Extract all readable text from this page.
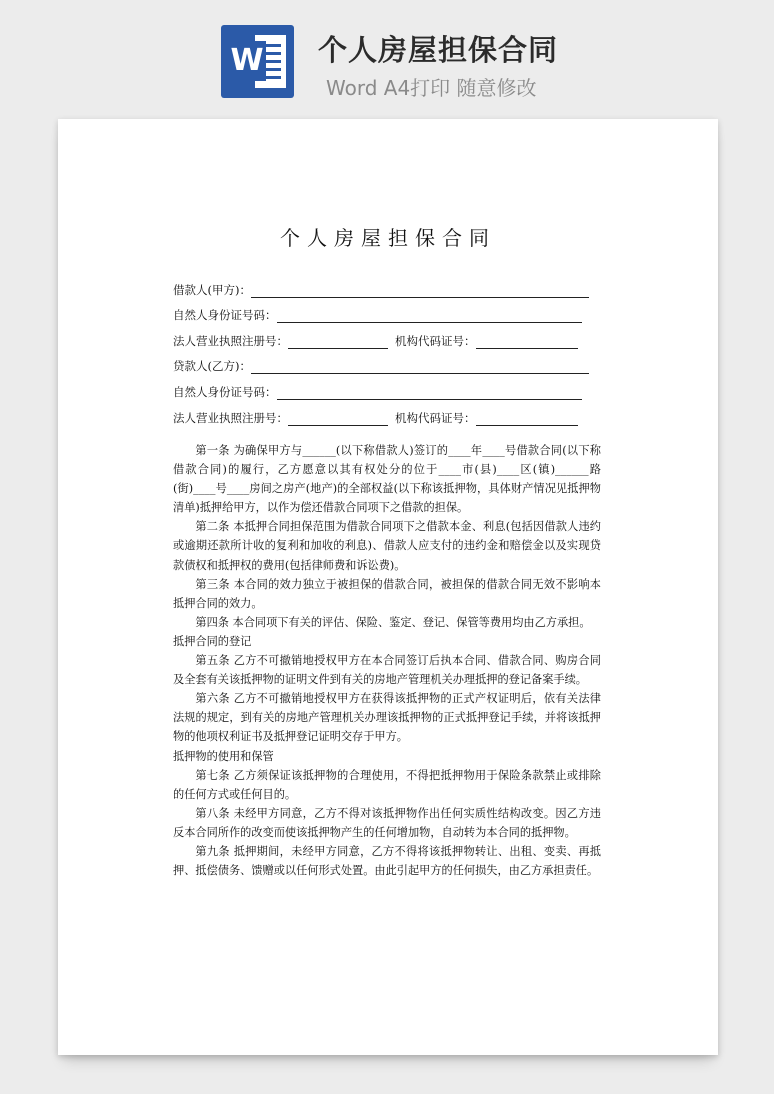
W 个人房屋担保合同
Word A4打印 随意修改
个人房屋担保合同
借款人(甲方)：
自然人身份证号码：
法人营业执照注册号：	机构代码证号：
贷款人(乙方)：
自然人身份证号码：
法人营业执照注册号：	机构代码证号：

第一条 为确保甲方与______(以下称借款人)签订的____年____号借款合同(以下称借款合同)的履行，乙方愿意以其有权处分的位于____市(县)____区(镇)______路(街)____号____房间之房产(地产)的全部权益(以下称该抵押物，具体财产情况见抵押物清单)抵押给甲方，以作为偿还借款合同项下之借款的担保。

第二条 本抵押合同担保范围为借款合同项下之借款本金、利息(包括因借款人违约或逾期还款所计收的复利和加收的利息)、借款人应支付的违约金和赔偿金以及实现贷款债权和抵押权的费用(包括律师费和诉讼费)。

第三条 本合同的效力独立于被担保的借款合同，被担保的借款合同无效不影响本抵押合同的效力。

第四条 本合同项下有关的评估、保险、鉴定、登记、保管等费用均由乙方承担。

抵押合同的登记

第五条 乙方不可撤销地授权甲方在本合同签订后执本合同、借款合同、购房合同及全套有关该抵押物的证明文件到有关的房地产管理机关办理抵押的登记备案手续。

第六条 乙方不可撤销地授权甲方在获得该抵押物的正式产权证明后，依有关法律法规的规定，到有关的房地产管理机关办理该抵押物的正式抵押登记手续，并将该抵押物的他项权利证书及抵押登记证明交存于甲方。

抵押物的使用和保管

第七条 乙方须保证该抵押物的合理使用，不得把抵押物用于保险条款禁止或排除的任何方式或任何目的。

第八条 未经甲方同意，乙方不得对该抵押物作出任何实质性结构改变。因乙方违反本合同所作的改变而使该抵押物产生的任何增加物，自动转为本合同的抵押物。

第九条 抵押期间，未经甲方同意，乙方不得将该抵押物转让、出租、变卖、再抵押、抵偿债务、馈赠或以任何形式处置。由此引起甲方的任何损失，由乙方承担责任。
